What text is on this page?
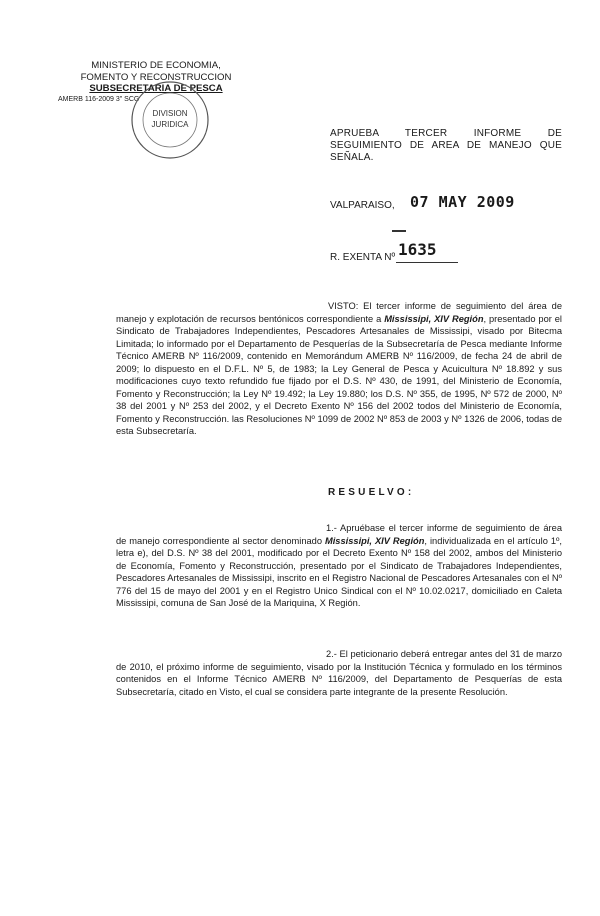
MINISTERIO DE ECONOMIA,
FOMENTO Y RECONSTRUCCION
SUBSECRETARIA DE PESCA
AMERB 116-2009 3" SCG
DIVISION
JURIDICA
APRUEBA TERCER INFORME DE SEGUIMIENTO DE AREA DE MANEJO QUE SEÑALA.
VALPARAISO, 07 MAY 2009
R. EXENTA Nº 1635
VISTO: El tercer informe de seguimiento del área de manejo y explotación de recursos bentónicos correspondiente a Mississipi, XIV Región, presentado por el Sindicato de Trabajadores Independientes, Pescadores Artesanales de Mississipi, visado por Bitecma Limitada; lo informado por el Departamento de Pesquerías de la Subsecretaría de Pesca mediante Informe Técnico AMERB Nº 116/2009, contenido en Memorándum AMERB Nº 116/2009, de fecha 24 de abril de 2009; lo dispuesto en el D.F.L. Nº 5, de 1983; la Ley General de Pesca y Acuicultura Nº 18.892 y sus modificaciones cuyo texto refundido fue fijado por el D.S. Nº 430, de 1991, del Ministerio de Economía, Fomento y Reconstrucción; la Ley Nº 19.492; la Ley 19.880; los D.S. Nº 355, de 1995, Nº 572 de 2000, Nº 38 del 2001 y Nº 253 del 2002, y el Decreto Exento Nº 156 del 2002 todos del Ministerio de Economía, Fomento y Reconstrucción. las Resoluciones Nº 1099 de 2002 Nº 853 de 2003 y Nº 1326 de 2006, todas de esta Subsecretaría.
RESUELVO:
1.- Apruébase el tercer informe de seguimiento de área de manejo correspondiente al sector denominado Mississipi, XIV Región, individualizada en el artículo 1º, letra e), del D.S. Nº 38 del 2001, modificado por el Decreto Exento Nº 158 del 2002, ambos del Ministerio de Economía, Fomento y Reconstrucción, presentado por el Sindicato de Trabajadores Independientes, Pescadores Artesanales de Mississipi, inscrito en el Registro Nacional de Pescadores Artesanales con el Nº 776 del 15 de mayo del 2001 y en el Registro Unico Sindical con el Nº 10.02.0217, domiciliado en Caleta Mississipi, comuna de San José de la Mariquina, X Región.
2.- El peticionario deberá entregar antes del 31 de marzo de 2010, el próximo informe de seguimiento, visado por la Institución Técnica y formulado en los términos contenidos en el Informe Técnico AMERB Nº 116/2009, del Departamento de Pesquerías de esta Subsecretaría, citado en Visto, el cual se considera parte integrante de la presente Resolución.
